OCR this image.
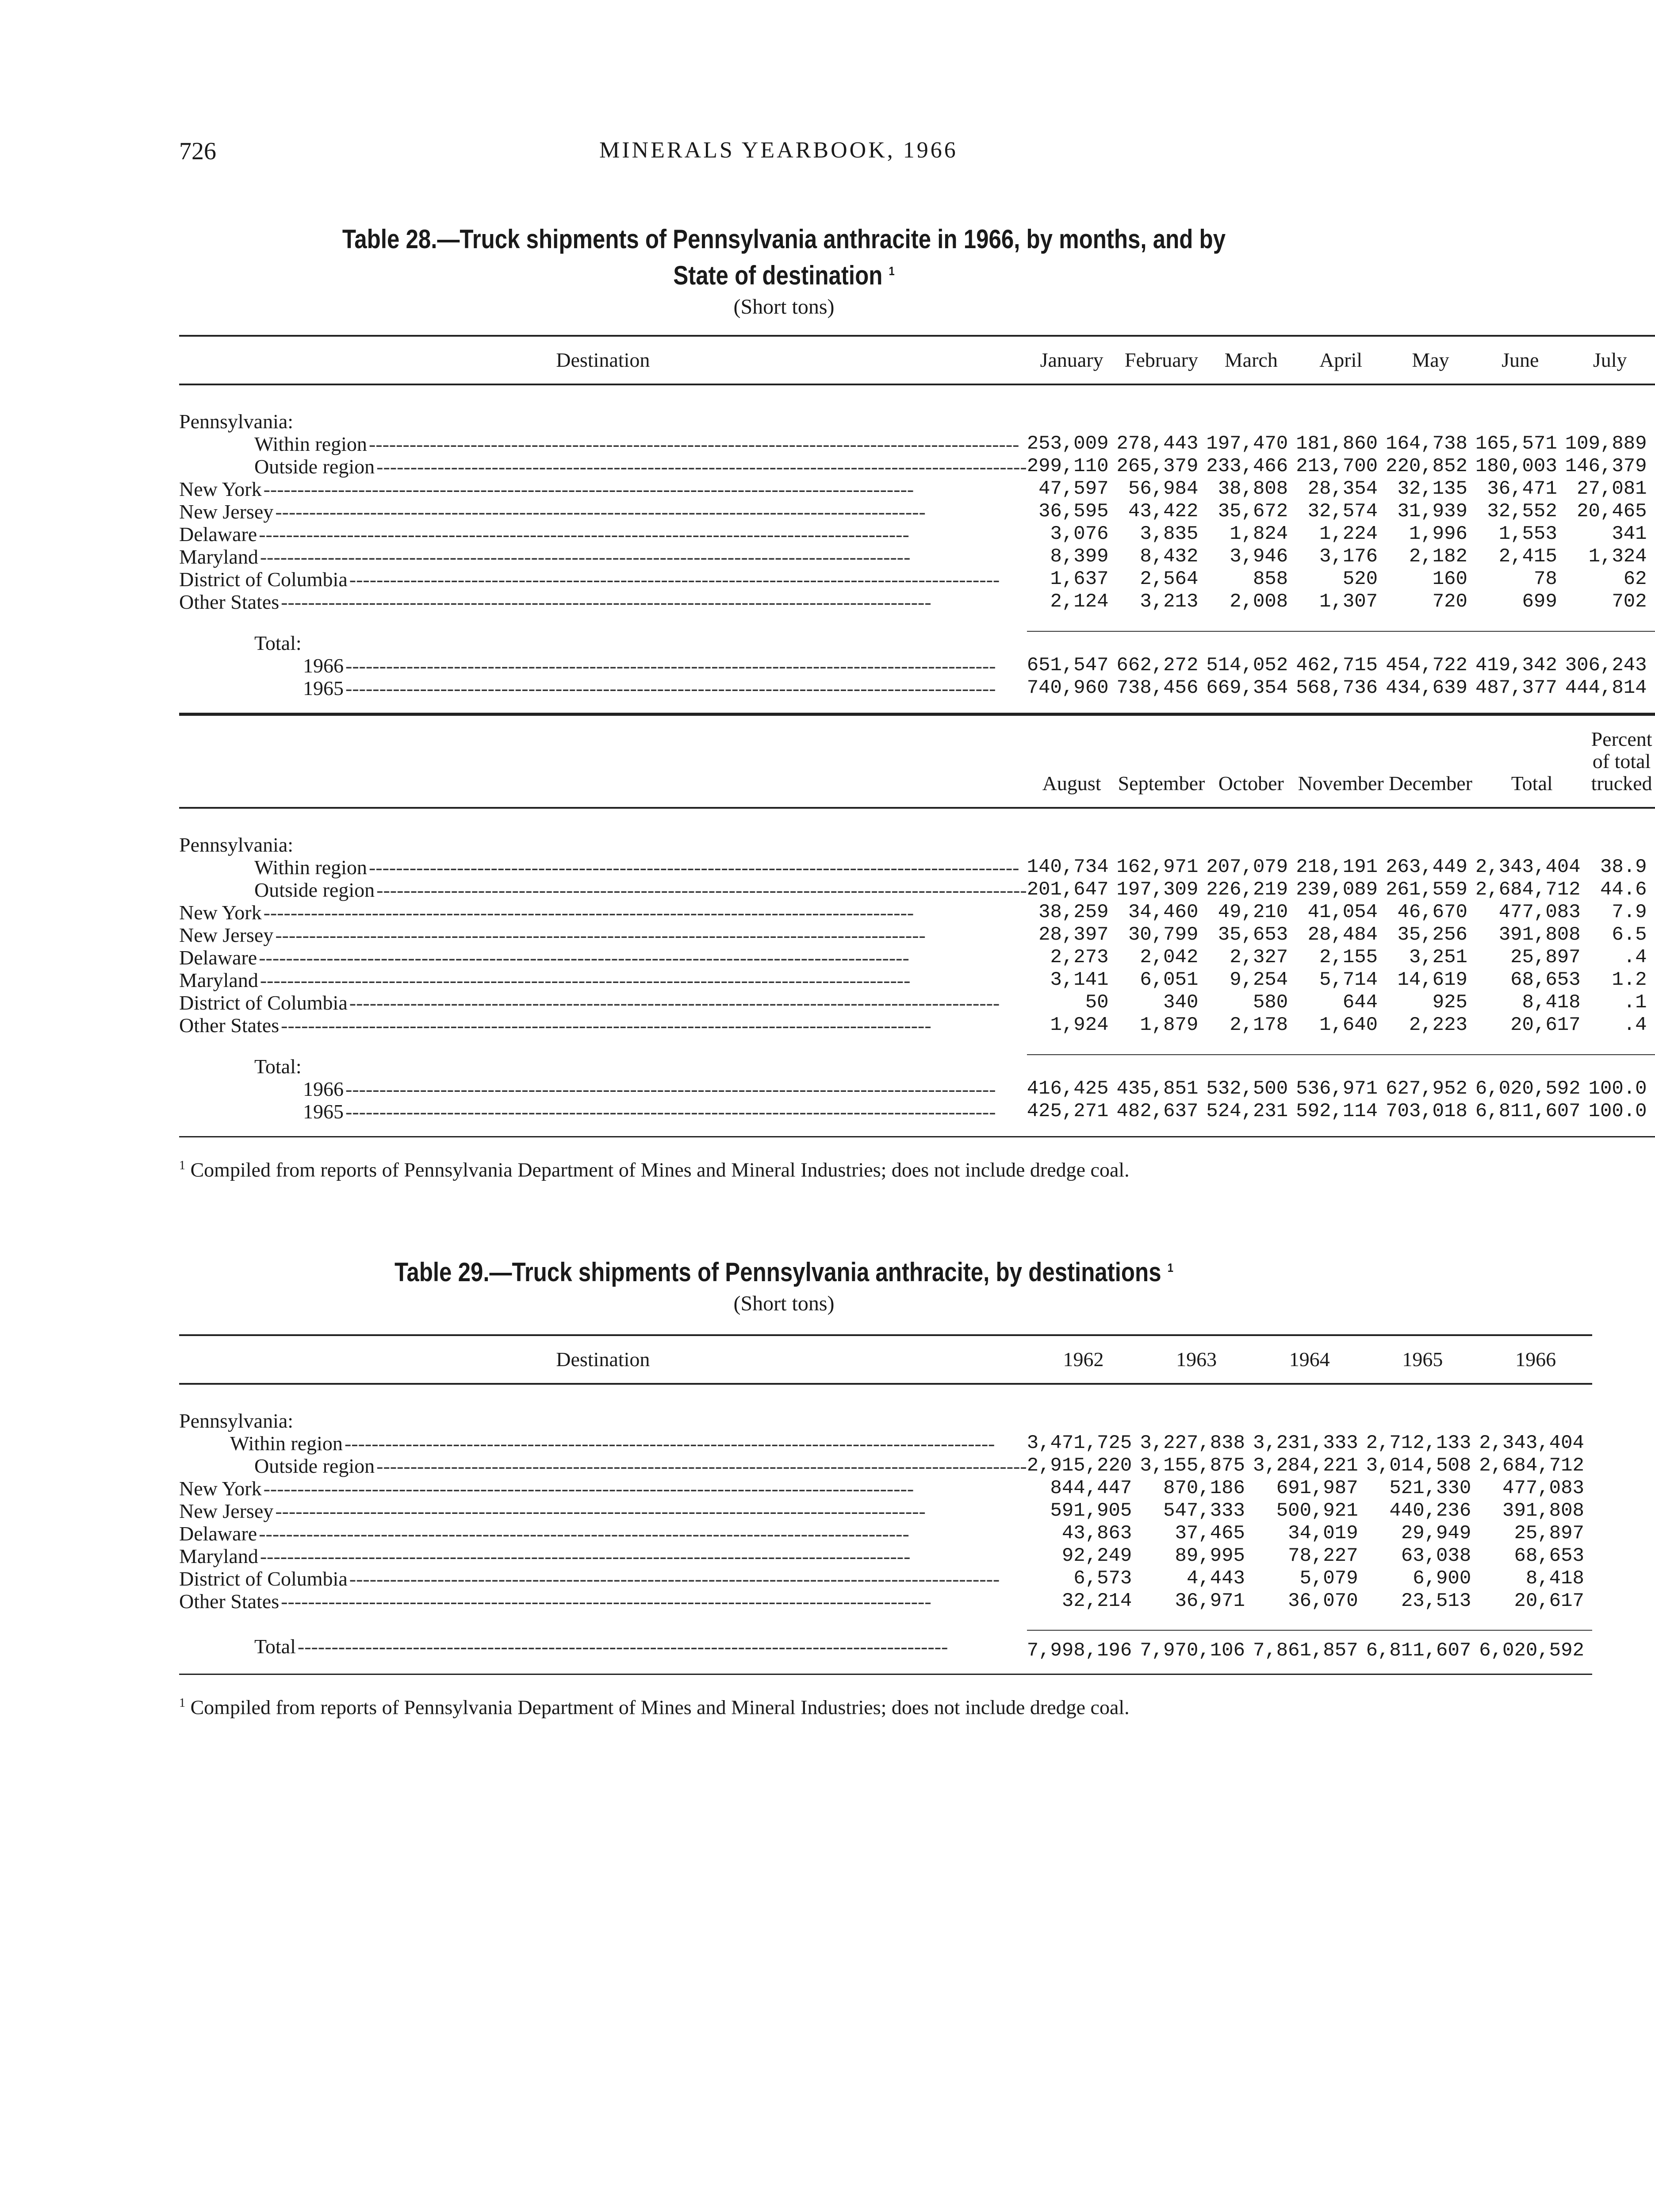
726	MINERALS YEARBOOK, 1966
Table 28.—Truck shipments of Pennsylvania anthracite in 1966, by months, and by
State of destination $^1$
(Short tons)
Destination	January	February	March	April	May	June	July

Pennsylvania:							
Within region------------------------------------------------------------------------------------------------	253,009	278,443	197,470	181,860	164,738	165,571	109,889
Outside region------------------------------------------------------------------------------------------------	299,110	265,379	233,466	213,700	220,852	180,003	146,379
New York------------------------------------------------------------------------------------------------	47,597	56,984	38,808	28,354	32,135	36,471	27,081
New Jersey------------------------------------------------------------------------------------------------	36,595	43,422	35,672	32,574	31,939	32,552	20,465
Delaware------------------------------------------------------------------------------------------------	3,076	3,835	1,824	1,224	1,996	1,553	341
Maryland------------------------------------------------------------------------------------------------	8,399	8,432	3,946	3,176	2,182	2,415	1,324
District of Columbia------------------------------------------------------------------------------------------------	1,637	2,564	858	520	160	78	62
Other States------------------------------------------------------------------------------------------------	2,124	3,213	2,008	1,307	720	699	702

Total:							
1966------------------------------------------------------------------------------------------------	651,547	662,272	514,052	462,715	454,722	419,342	306,243
1965------------------------------------------------------------------------------------------------	740,960	738,456	669,354	568,736	434,639	487,377	444,814

	August	September	October	November	December	Total	Percent of total trucked

Pennsylvania:							
Within region------------------------------------------------------------------------------------------------	140,734	162,971	207,079	218,191	263,449	2,343,404	38.9
Outside region------------------------------------------------------------------------------------------------	201,647	197,309	226,219	239,089	261,559	2,684,712	44.6
New York------------------------------------------------------------------------------------------------	38,259	34,460	49,210	41,054	46,670	477,083	7.9
New Jersey------------------------------------------------------------------------------------------------	28,397	30,799	35,653	28,484	35,256	391,808	6.5
Delaware------------------------------------------------------------------------------------------------	2,273	2,042	2,327	2,155	3,251	25,897	.4
Maryland------------------------------------------------------------------------------------------------	3,141	6,051	9,254	5,714	14,619	68,653	1.2
District of Columbia------------------------------------------------------------------------------------------------	50	340	580	644	925	8,418	.1
Other States------------------------------------------------------------------------------------------------	1,924	1,879	2,178	1,640	2,223	20,617	.4

Total:							
1966------------------------------------------------------------------------------------------------	416,425	435,851	532,500	536,971	627,952	6,020,592	100.0
1965------------------------------------------------------------------------------------------------	425,271	482,637	524,231	592,114	703,018	6,811,607	100.0

$^1$ Compiled from reports of Pennsylvania Department of Mines and Mineral Industries; does not include dredge coal.
Table 29.—Truck shipments of Pennsylvania anthracite, by destinations $^1$
(Short tons)
Destination	1962	1963	1964	1965	1966

Pennsylvania:					
Within region------------------------------------------------------------------------------------------------	3,471,725	3,227,838	3,231,333	2,712,133	2,343,404
Outside region------------------------------------------------------------------------------------------------	2,915,220	3,155,875	3,284,221	3,014,508	2,684,712
New York------------------------------------------------------------------------------------------------	844,447	870,186	691,987	521,330	477,083
New Jersey------------------------------------------------------------------------------------------------	591,905	547,333	500,921	440,236	391,808
Delaware------------------------------------------------------------------------------------------------	43,863	37,465	34,019	29,949	25,897
Maryland------------------------------------------------------------------------------------------------	92,249	89,995	78,227	63,038	68,653
District of Columbia------------------------------------------------------------------------------------------------	6,573	4,443	5,079	6,900	8,418
Other States------------------------------------------------------------------------------------------------	32,214	36,971	36,070	23,513	20,617

Total------------------------------------------------------------------------------------------------	7,998,196	7,970,106	7,861,857	6,811,607	6,020,592

$^1$ Compiled from reports of Pennsylvania Department of Mines and Mineral Industries; does not include dredge coal.
